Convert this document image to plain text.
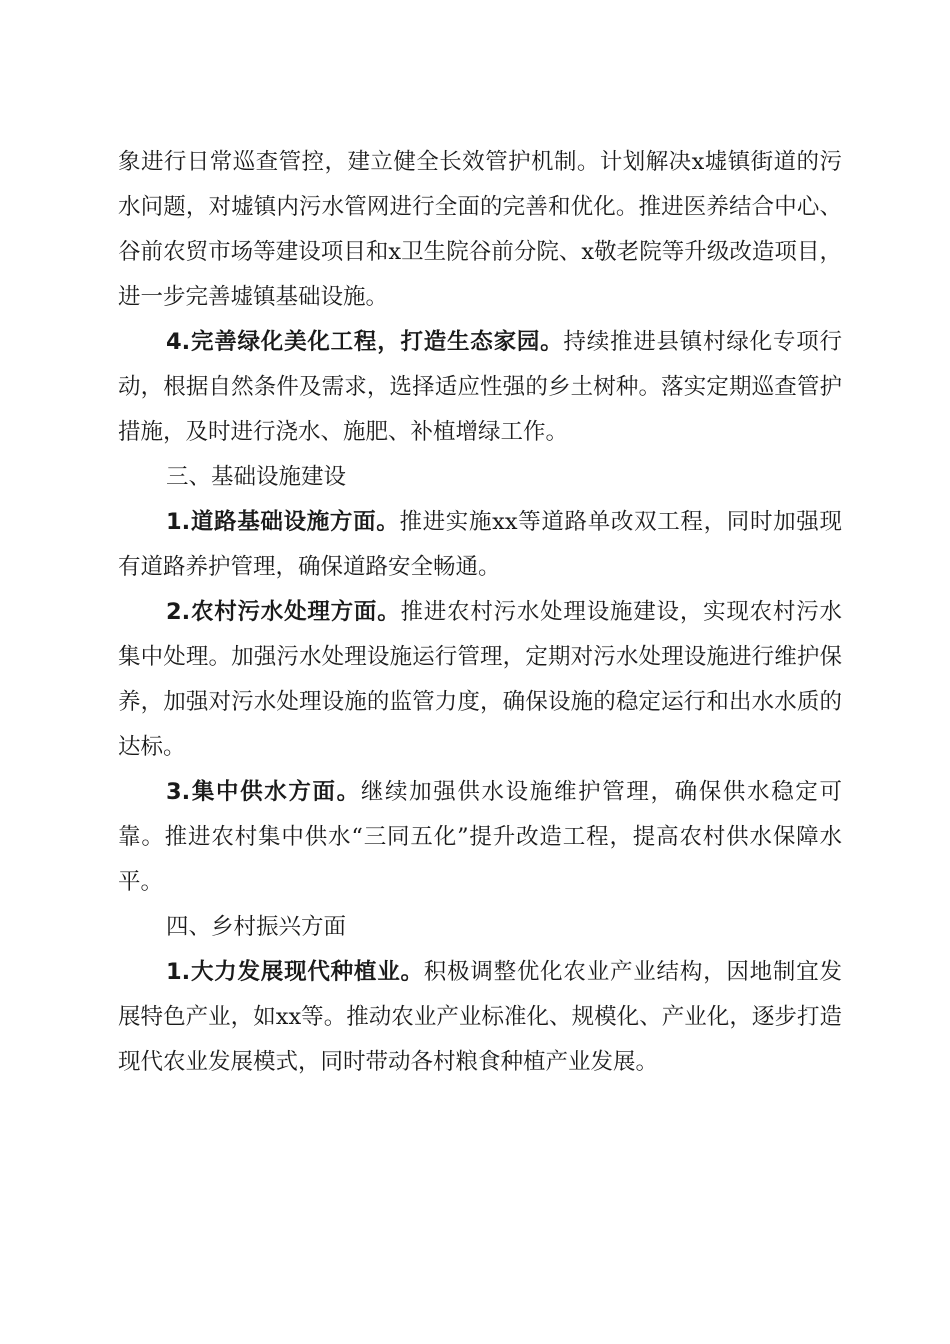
象进行日常巡查管控，建立健全长效管护机制。计划解决x墟镇街道的污水问题，对墟镇内污水管网进行全面的完善和优化。推进医养结合中心、谷前农贸市场等建设项目和x卫生院谷前分院、x敬老院等升级改造项目，进一步完善墟镇基础设施。

4.完善绿化美化工程，打造生态家园。持续推进县镇村绿化专项行动，根据自然条件及需求，选择适应性强的乡土树种。落实定期巡查管护措施，及时进行浇水、施肥、补植增绿工作。

三、基础设施建设

1.道路基础设施方面。推进实施xx等道路单改双工程，同时加强现有道路养护管理，确保道路安全畅通。

2.农村污水处理方面。推进农村污水处理设施建设，实现农村污水集中处理。加强污水处理设施运行管理，定期对污水处理设施进行维护保养，加强对污水处理设施的监管力度，确保设施的稳定运行和出水水质的达标。

3.集中供水方面。继续加强供水设施维护管理，确保供水稳定可靠。推进农村集中供水“三同五化”提升改造工程，提高农村供水保障水平。

四、乡村振兴方面

1.大力发展现代种植业。积极调整优化农业产业结构，因地制宜发展特色产业，如xx等。推动农业产业标准化、规模化、产业化，逐步打造现代农业发展模式，同时带动各村粮食种植产业发展。
